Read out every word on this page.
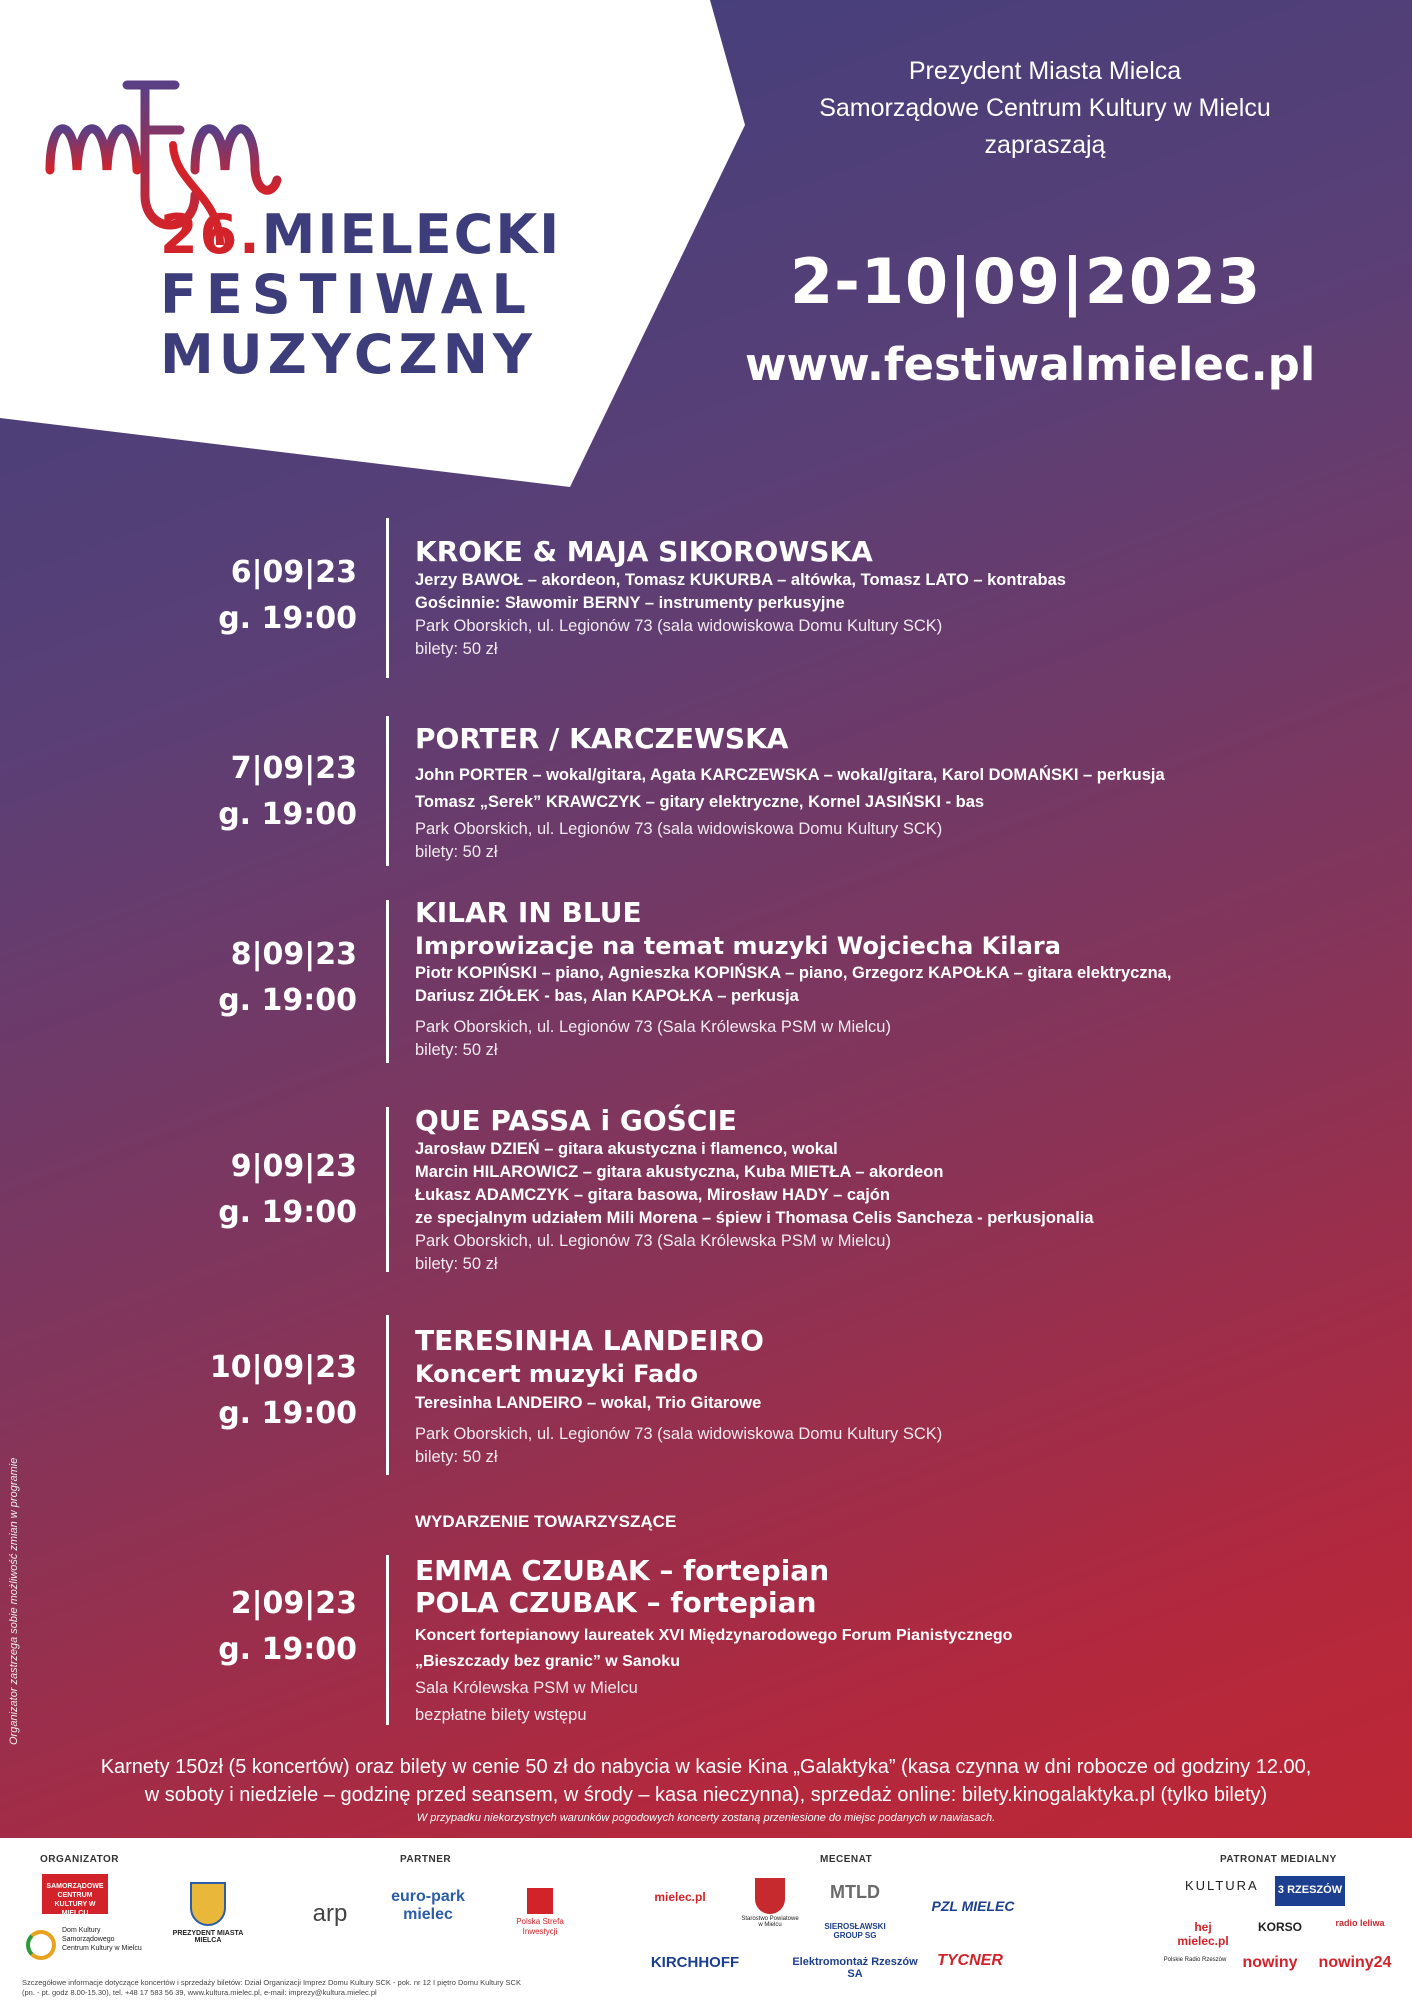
26.MIELECKI
FESTIWAL
MUZYCZNY
Prezydent Miasta Mielca
Samorządowe Centrum Kultury w Mielcu
zapraszają
2-10|09|2023
www.festiwalmielec.pl
6|09|23
g. 19:00
KROKE & MAJA SIKOROWSKA
Jerzy BAWOŁ – akordeon, Tomasz KUKURBA – altówka, Tomasz LATO – kontrabas
Gościnnie: Sławomir BERNY – instrumenty perkusyjne
Park Oborskich, ul. Legionów 73 (sala widowiskowa Domu Kultury SCK)
bilety: 50 zł
7|09|23
g. 19:00
PORTER / KARCZEWSKA
John PORTER – wokal/gitara, Agata KARCZEWSKA – wokal/gitara, Karol DOMAŃSKI – perkusja
Tomasz „Serek” KRAWCZYK – gitary elektryczne, Kornel JASIŃSKI - bas
Park Oborskich, ul. Legionów 73 (sala widowiskowa Domu Kultury SCK)
bilety: 50 zł
8|09|23
g. 19:00
KILAR IN BLUE
Improwizacje na temat muzyki Wojciecha Kilara
Piotr KOPIŃSKI – piano, Agnieszka KOPIŃSKA – piano, Grzegorz KAPOŁKA – gitara elektryczna,
Dariusz ZIÓŁEK - bas, Alan KAPOŁKA – perkusja
Park Oborskich, ul. Legionów 73 (Sala Królewska PSM w Mielcu)
bilety: 50 zł
9|09|23
g. 19:00
QUE PASSA i GOŚCIE
Jarosław DZIEŃ – gitara akustyczna i flamenco, wokal
Marcin HILAROWICZ – gitara akustyczna, Kuba MIETŁA – akordeon
Łukasz ADAMCZYK – gitara basowa, Mirosław HADY – cajón
ze specjalnym udziałem Mili Morena – śpiew i Thomasa Celis Sancheza - perkusjonalia
Park Oborskich, ul. Legionów 73 (Sala Królewska PSM w Mielcu)
bilety: 50 zł
10|09|23
g. 19:00
TERESINHA LANDEIRO
Koncert muzyki Fado
Teresinha LANDEIRO – wokal, Trio Gitarowe
Park Oborskich, ul. Legionów 73 (sala widowiskowa Domu Kultury SCK)
bilety: 50 zł
WYDARZENIE TOWARZYSZĄCE
2|09|23
g. 19:00
EMMA CZUBAK – fortepian
POLA CZUBAK – fortepian
Koncert fortepianowy laureatek XVI Międzynarodowego Forum Pianistycznego
„Bieszczady bez granic” w Sanoku
Sala Królewska PSM w Mielcu
bezpłatne bilety wstępu
Organizator zastrzega sobie możliwość zmian w programie
Karnety 150zł (5 koncertów) oraz bilety w cenie 50 zł do nabycia w kasie Kina „Galaktyka” (kasa czynna w dni robocze od godziny 12.00,
w soboty i niedziele – godzinę przed seansem, w środy – kasa nieczynna), sprzedaż online: bilety.kinogalaktyka.pl (tylko bilety)
W przypadku niekorzystnych warunków pogodowych koncerty zostaną przeniesione do miejsc podanych w nawiasach.
ORGANIZATOR	PARTNER	MECENAT	PATRONAT MEDIALNY
SAMORZĄDOWE CENTRUM KULTURY W MIELCU
PREZYDENT MIASTA MIELCA
Dom Kultury Samorządowego Centrum Kultury w Mielcu
arp
euro-park mielec	Polska Strefa Inwestycji
mielec.pl
Starostwo Powiatowe w Mielcu
MTLD
PZL MIELEC
SIEROSŁAWSKI GROUP SG
KIRCHHOFF	Elektromontaż Rzeszów SA
TYCNER
KULTURA 3 RZESZÓW
hej mielec.pl
KORSO	radio leliwa
Polskie Radio Rzeszów	nowiny	nowiny24
Szczegółowe informacje dotyczące koncertów i sprzedaży biletów: Dział Organizacji Imprez Domu Kultury SCK - pok. nr 12 I piętro Domu Kultury SCK
(pn. - pt. godz 8.00-15.30), tel. +48 17 583 56 39, www.kultura.mielec.pl, e-mail: imprezy@kultura.mielec.pl
